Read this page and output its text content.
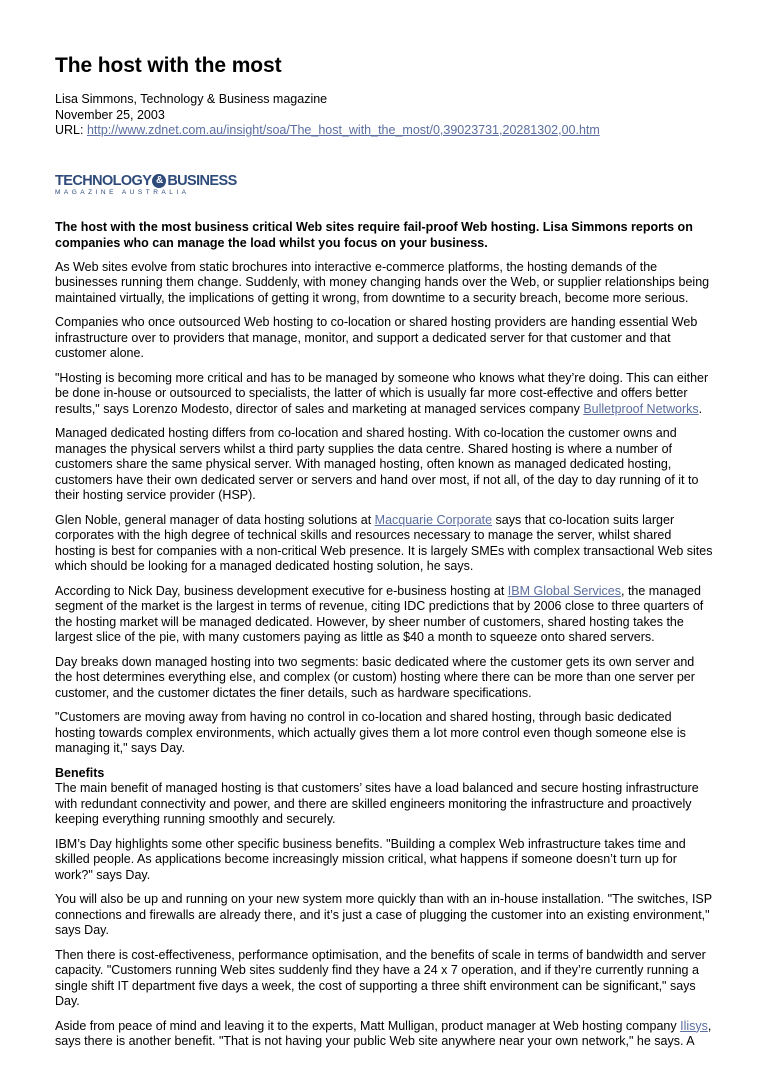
The host with the most
Lisa Simmons, Technology & Business magazine
November 25, 2003
URL: http://www.zdnet.com.au/insight/soa/The_host_with_the_most/0,39023731,20281302,00.htm
TECHNOLOGY & BUSINESS
MAGAZINE AUSTRALIA
The host with the most business critical Web sites require fail-proof Web hosting. Lisa Simmons reports on companies who can manage the load whilst you focus on your business.
As Web sites evolve from static brochures into interactive e-commerce platforms, the hosting demands of the businesses running them change. Suddenly, with money changing hands over the Web, or supplier relationships being maintained virtually, the implications of getting it wrong, from downtime to a security breach, become more serious.
Companies who once outsourced Web hosting to co-location or shared hosting providers are handing essential Web infrastructure over to providers that manage, monitor, and support a dedicated server for that customer and that customer alone.
"Hosting is becoming more critical and has to be managed by someone who knows what they’re doing. This can either be done in-house or outsourced to specialists, the latter of which is usually far more cost-effective and offers better results," says Lorenzo Modesto, director of sales and marketing at managed services company Bulletproof Networks.
Managed dedicated hosting differs from co-location and shared hosting. With co-location the customer owns and manages the physical servers whilst a third party supplies the data centre. Shared hosting is where a number of customers share the same physical server. With managed hosting, often known as managed dedicated hosting, customers have their own dedicated server or servers and hand over most, if not all, of the day to day running of it to their hosting service provider (HSP).
Glen Noble, general manager of data hosting solutions at Macquarie Corporate says that co-location suits larger corporates with the high degree of technical skills and resources necessary to manage the server, whilst shared hosting is best for companies with a non-critical Web presence. It is largely SMEs with complex transactional Web sites which should be looking for a managed dedicated hosting solution, he says.
According to Nick Day, business development executive for e-business hosting at IBM Global Services, the managed segment of the market is the largest in terms of revenue, citing IDC predictions that by 2006 close to three quarters of the hosting market will be managed dedicated. However, by sheer number of customers, shared hosting takes the largest slice of the pie, with many customers paying as little as $40 a month to squeeze onto shared servers.
Day breaks down managed hosting into two segments: basic dedicated where the customer gets its own server and the host determines everything else, and complex (or custom) hosting where there can be more than one server per customer, and the customer dictates the finer details, such as hardware specifications.
"Customers are moving away from having no control in co-location and shared hosting, through basic dedicated hosting towards complex environments, which actually gives them a lot more control even though someone else is managing it," says Day.
Benefits
The main benefit of managed hosting is that customers’ sites have a load balanced and secure hosting infrastructure with redundant connectivity and power, and there are skilled engineers monitoring the infrastructure and proactively keeping everything running smoothly and securely.
IBM’s Day highlights some other specific business benefits. "Building a complex Web infrastructure takes time and skilled people. As applications become increasingly mission critical, what happens if someone doesn’t turn up for work?" says Day.
You will also be up and running on your new system more quickly than with an in-house installation. "The switches, ISP connections and firewalls are already there, and it’s just a case of plugging the customer into an existing environment," says Day.
Then there is cost-effectiveness, performance optimisation, and the benefits of scale in terms of bandwidth and server capacity. "Customers running Web sites suddenly find they have a 24 x 7 operation, and if they’re currently running a single shift IT department five days a week, the cost of supporting a three shift environment can be significant," says Day.
Aside from peace of mind and leaving it to the experts, Matt Mulligan, product manager at Web hosting company Ilisys, says there is another benefit. "That is not having your public Web site anywhere near your own network," he says. A
